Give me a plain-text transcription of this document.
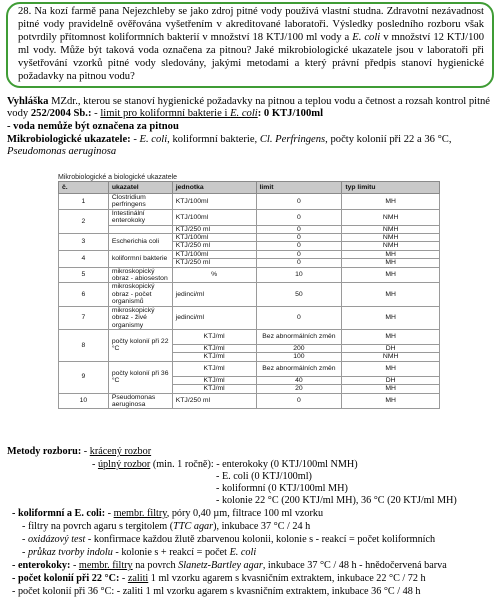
28. Na kozí farmě pana Nejezchleby se jako zdroj pitné vody používá vlastní studna. Zdravotní nezávadnost pitné vody pravidelně ověřována vyšetřením v akreditované laboratoři. Výsledky posledního rozboru však potvrdily přítomnost koliformních bakterií v množství 18 KTJ/100 ml vody a E. coli v množství 12 KTJ/100 ml vody. Může být taková voda označena za pitnou? Jaké mikrobiologické ukazatele jsou v laboratoři při vyšetřování vzorků pitné vody sledovány, jakými metodami a který právní předpis stanoví hygienické požadavky na pitnou vodu?
Vyhláška MZdr., kterou se stanoví hygienické požadavky na pitnou a teplou vodu a četnost a rozsah kontrol pitné vody 252/2004 Sb.: - limit pro koliformní bakterie i E. coli: 0 KTJ/100ml
- voda nemůže být označena za pitnou
Mikrobiologické ukazatele: - E. coli, koliformní bakterie, Cl. Perfringens, počty kolonií při 22 a 36 °C, Pseudomonas aeruginosa
Mikrobiologické a biologické ukazatele
č.	ukazatel	jednotka	limit	typ limitu
1	Clostridium perfringens	KTJ/100ml	0	MH
2	Intestinální enterokoky	KTJ/100ml	0	NMH
		KTJ/250 ml	0	NMH
3	Escherichia coli	KTJ/100ml	0	NMH
		KTJ/250 ml	0	NMH
4	koliformní bakterie	KTJ/100ml	0	MH
		KTJ/250 ml	0	MH
5	mikroskopický obraz - abioseston	%	10	MH
6	mikroskopický obraz - počet organismů	jedinci/ml	50	MH
7	mikroskopický obraz - živé organismy	jedinci/ml	0	MH
8	počty kolonií při 22 °C	KTJ/ml	Bez abnormálních změn	MH
		KTJ/ml	200	DH
		KTJ/ml	100	NMH
9	počty kolonií při 36 °C	KTJ/ml	Bez abnormálních změn	MH
		KTJ/ml	40	DH
		KTJ/ml	20	MH
10	Pseudomonas aeruginosa	KTJ/250 ml	0	MH
Metody rozboru: - krácený rozbor
- úplný rozbor (min. 1 ročně): - enterokoky (0 KTJ/100ml NMH)
- E. coli (0 KTJ/100ml)
- koliformní (0 KTJ/100ml MH)
- kolonie 22 °C (200 KTJ/ml MH), 36 °C (20 KTJ/ml MH)
- koliformní a E. coli: - membr. filtry, póry 0,40 µm, filtrace 100 ml vzorku
- filtry na povrch agaru s tergitolem (TTC agar), inkubace 37 °C / 24 h
- oxidázový test - konfirmace každou žlutě zbarvenou kolonii, kolonie s - reakcí = počet koliformních
- průkaz tvorby indolu - kolonie s + reakcí = počet E. coli
- enterokoky: - membr. filtry na povrch Slanetz-Bartley agar, inkubace 37 °C / 48 h - hnědočervená barva
- počet kolonií při 22 °C: - zaliti 1 ml vzorku agarem s kvasničním extraktem, inkubace 22 °C / 72 h
- počet kolonií při 36 °C: - zaliti 1 ml vzorku agarem s kvasničním extraktem, inkubace 36 °C / 48 h
